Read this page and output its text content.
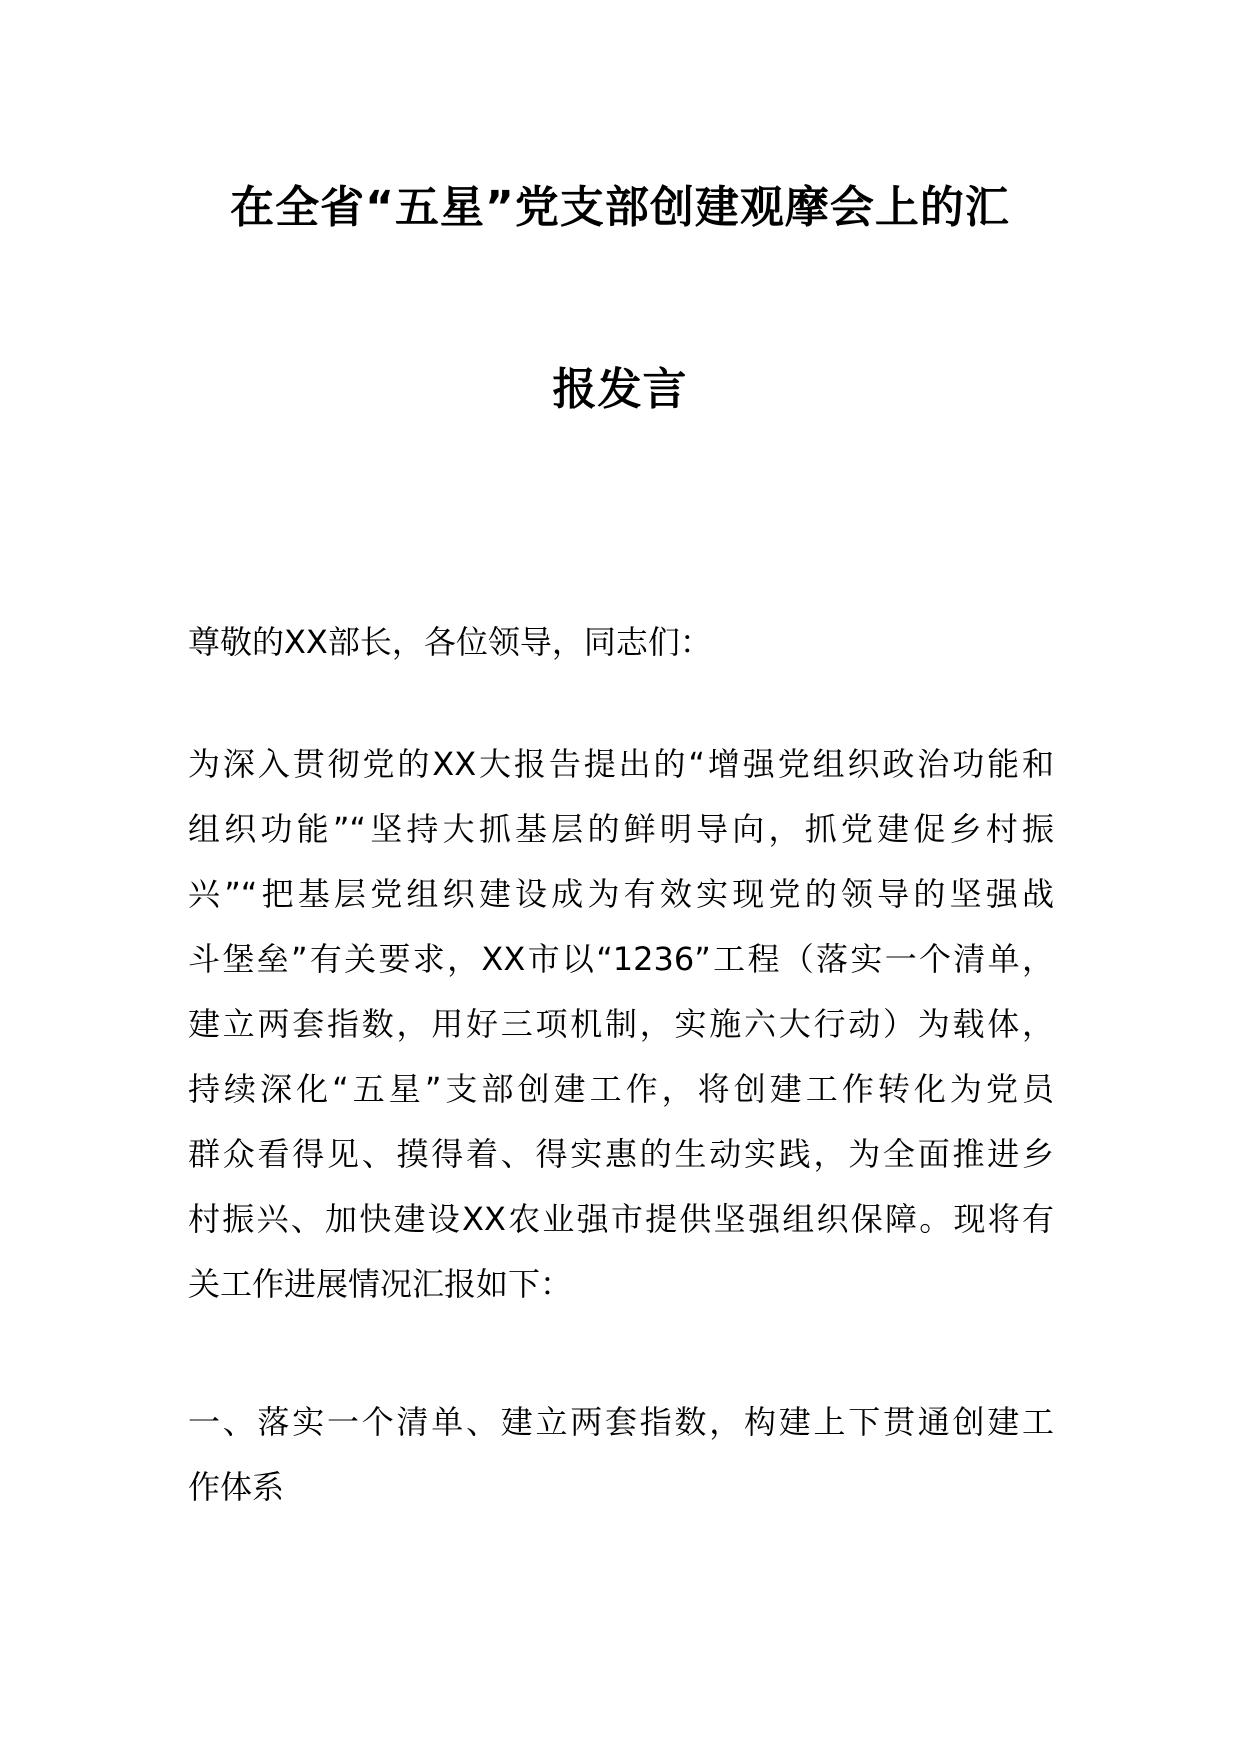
在全省“五星”党支部创建观摩会上的汇
报发言
尊敬的XX部长，各位领导，同志们：
为深入贯彻党的XX大报告提出的“增强党组织政治功能和
组织功能”“坚持大抓基层的鲜明导向，抓党建促乡村振
兴”“把基层党组织建设成为有效实现党的领导的坚强战
斗堡垒”有关要求，XX市以“1236”工程（落实一个清单，
建立两套指数，用好三项机制，实施六大行动）为载体，
持续深化“五星”支部创建工作，将创建工作转化为党员
群众看得见、摸得着、得实惠的生动实践，为全面推进乡
村振兴、加快建设XX农业强市提供坚强组织保障。现将有
关工作进展情况汇报如下：
一、落实一个清单、建立两套指数，构建上下贯通创建工
作体系
